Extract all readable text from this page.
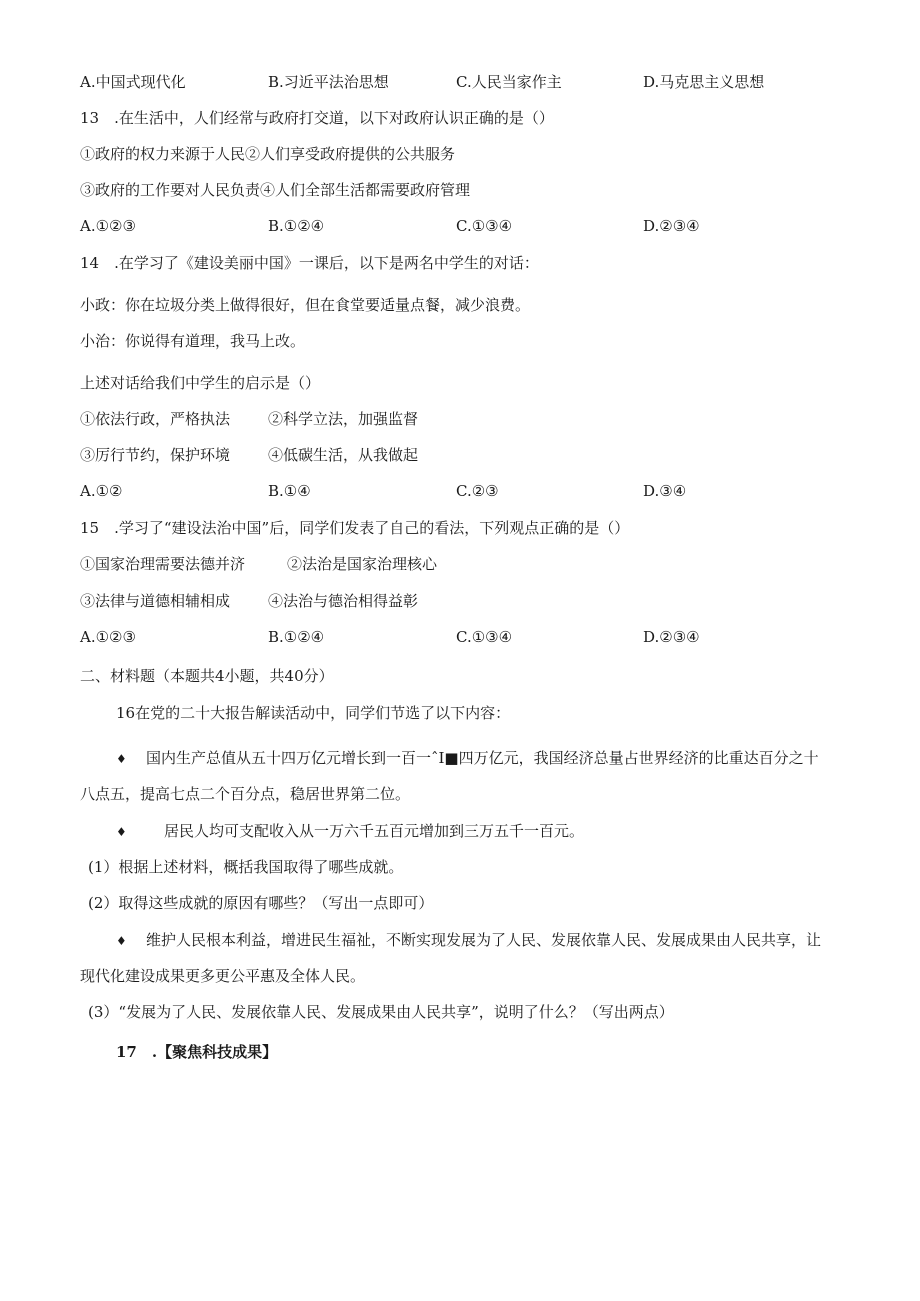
A.中国式现代化	B.习近平法治思想	C.人民当家作主	D.马克思主义思想
13　.在生活中，人们经常与政府打交道，以下对政府认识正确的是（）
①政府的权力来源于人民②人们享受政府提供的公共服务
③政府的工作要对人民负责④人们全部生活都需要政府管理
A.①②③	B.①②④	C.①③④	D.②③④
14　.在学习了《建设美丽中国》一课后，以下是两名中学生的对话：
小政：你在垃圾分类上做得很好，但在食堂要适量点餐，减少浪费。
小治：你说得有道理，我马上改。
上述对话给我们中学生的启示是（）
①依法行政，严格执法	②科学立法，加强监督
③厉行节约，保护环境	④低碳生活，从我做起
A.①②	B.①④	C.②③	D.③④
15　.学习了“建设法治中国”后，同学们发表了自己的看法，下列观点正确的是（）
①国家治理需要法德并济	②法治是国家治理核心
③法律与道德相辅相成	④法治与德治相得益彰
A.①②③	B.①②④	C.①③④	D.②③④
二、材料题（本题共4小题，共40分）
16在党的二十大报告解读活动中，同学们节选了以下内容：
♦ 国内生产总值从五十四万亿元增长到一百一ˆI■四万亿元，我国经济总量占世界经济的比重达百分之十
八点五，提高七点二个百分点，稳居世界第二位。
♦ 居民人均可支配收入从一万六千五百元增加到三万五千一百元。
(1）根据上述材料，概括我国取得了哪些成就。
(2）取得这些成就的原因有哪些？（写出一点即可）
♦ 维护人民根本利益，增进民生福祉，不断实现发展为了人民、发展依靠人民、发展成果由人民共享，让
现代化建设成果更多更公平惠及全体人民。
(3）“发展为了人民、发展依靠人民、发展成果由人民共享”，说明了什么？（写出两点）
17　.【聚焦科技成果】
